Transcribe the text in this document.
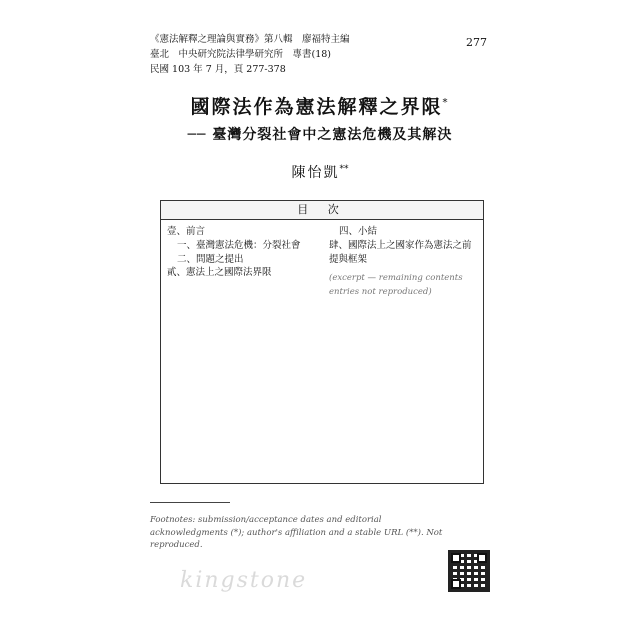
《憲法解釋之理論與實務》第八輯　廖福特主編
臺北　中央研究院法律學研究所　專書(18)
民國 103 年 7 月，頁 277-378
277
國際法作為憲法解釋之界限*
── 臺灣分裂社會中之憲法危機及其解決
陳怡凱**
目 次
壹、前言
一、臺灣憲法危機：分裂社會
二、問題之提出
貳、憲法上之國際法界限
四、小結
肆、國際法上之國家作為憲法之前提與框架
(excerpt — remaining contents entries not reproduced)
Footnotes: submission/acceptance dates and editorial acknowledgments (*); author's affiliation and a stable URL (**). Not reproduced.
kingstone
